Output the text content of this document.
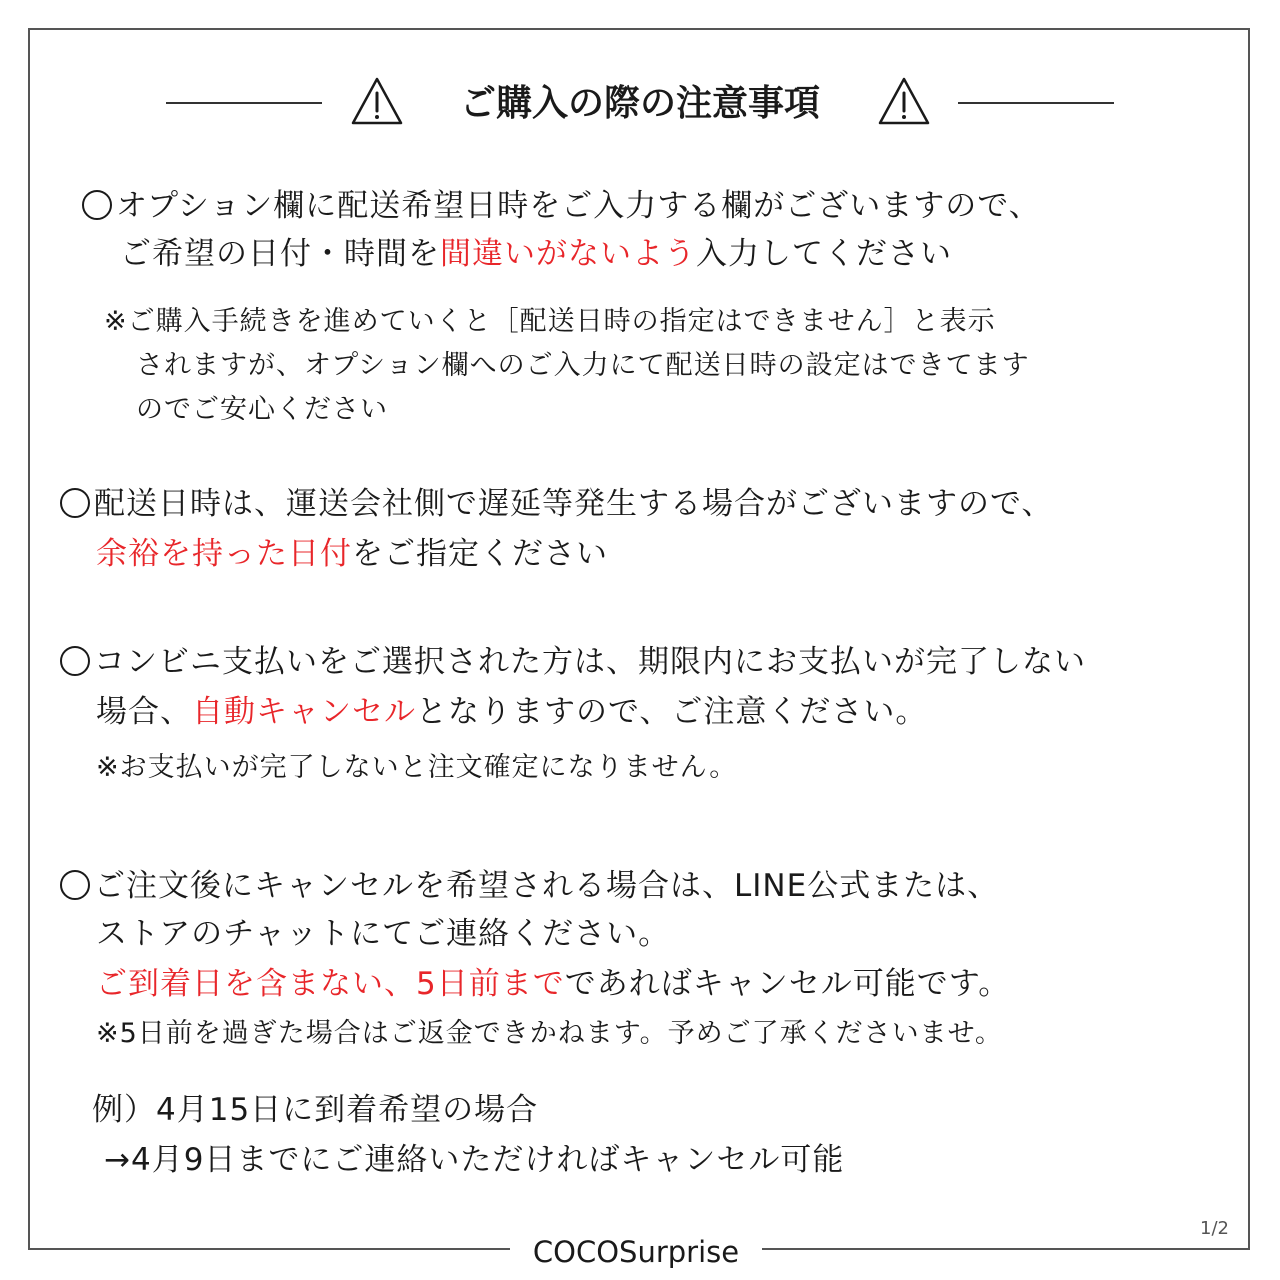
ご購入の際の注意事項
オプション欄に配送希望日時をご入力する欄がございますので、
ご希望の日付・時間を間違いがないよう入力してください
※ご購入手続きを進めていくと［配送日時の指定はできません］と表示
されますが、オプション欄へのご入力にて配送日時の設定はできてます
のでご安心ください
配送日時は、運送会社側で遅延等発生する場合がございますので、
余裕を持った日付をご指定ください
コンビニ支払いをご選択された方は、期限内にお支払いが完了しない
場合、自動キャンセルとなりますので、ご注意ください。
※お支払いが完了しないと注文確定になりません。
ご注文後にキャンセルを希望される場合は、LINE公式または、
ストアのチャットにてご連絡ください。
ご到着日を含まない、5日前までであればキャンセル可能です。
※5日前を過ぎた場合はご返金できかねます。予めご了承くださいませ。
例）4月15日に到着希望の場合
→4月9日までにご連絡いただければキャンセル可能
1/2
COCOSurprise
